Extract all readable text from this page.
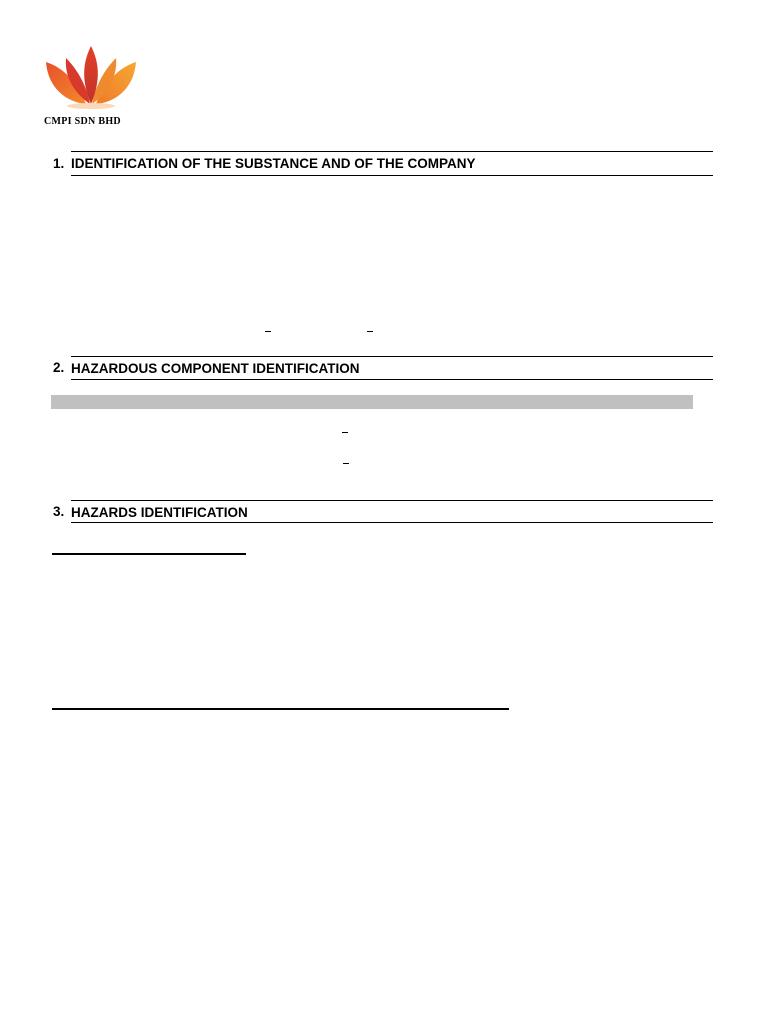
CMPI SDN BHD
1. IDENTIFICATION OF THE SUBSTANCE AND OF THE COMPANY
2. HAZARDOUS COMPONENT IDENTIFICATION
3. HAZARDS IDENTIFICATION
